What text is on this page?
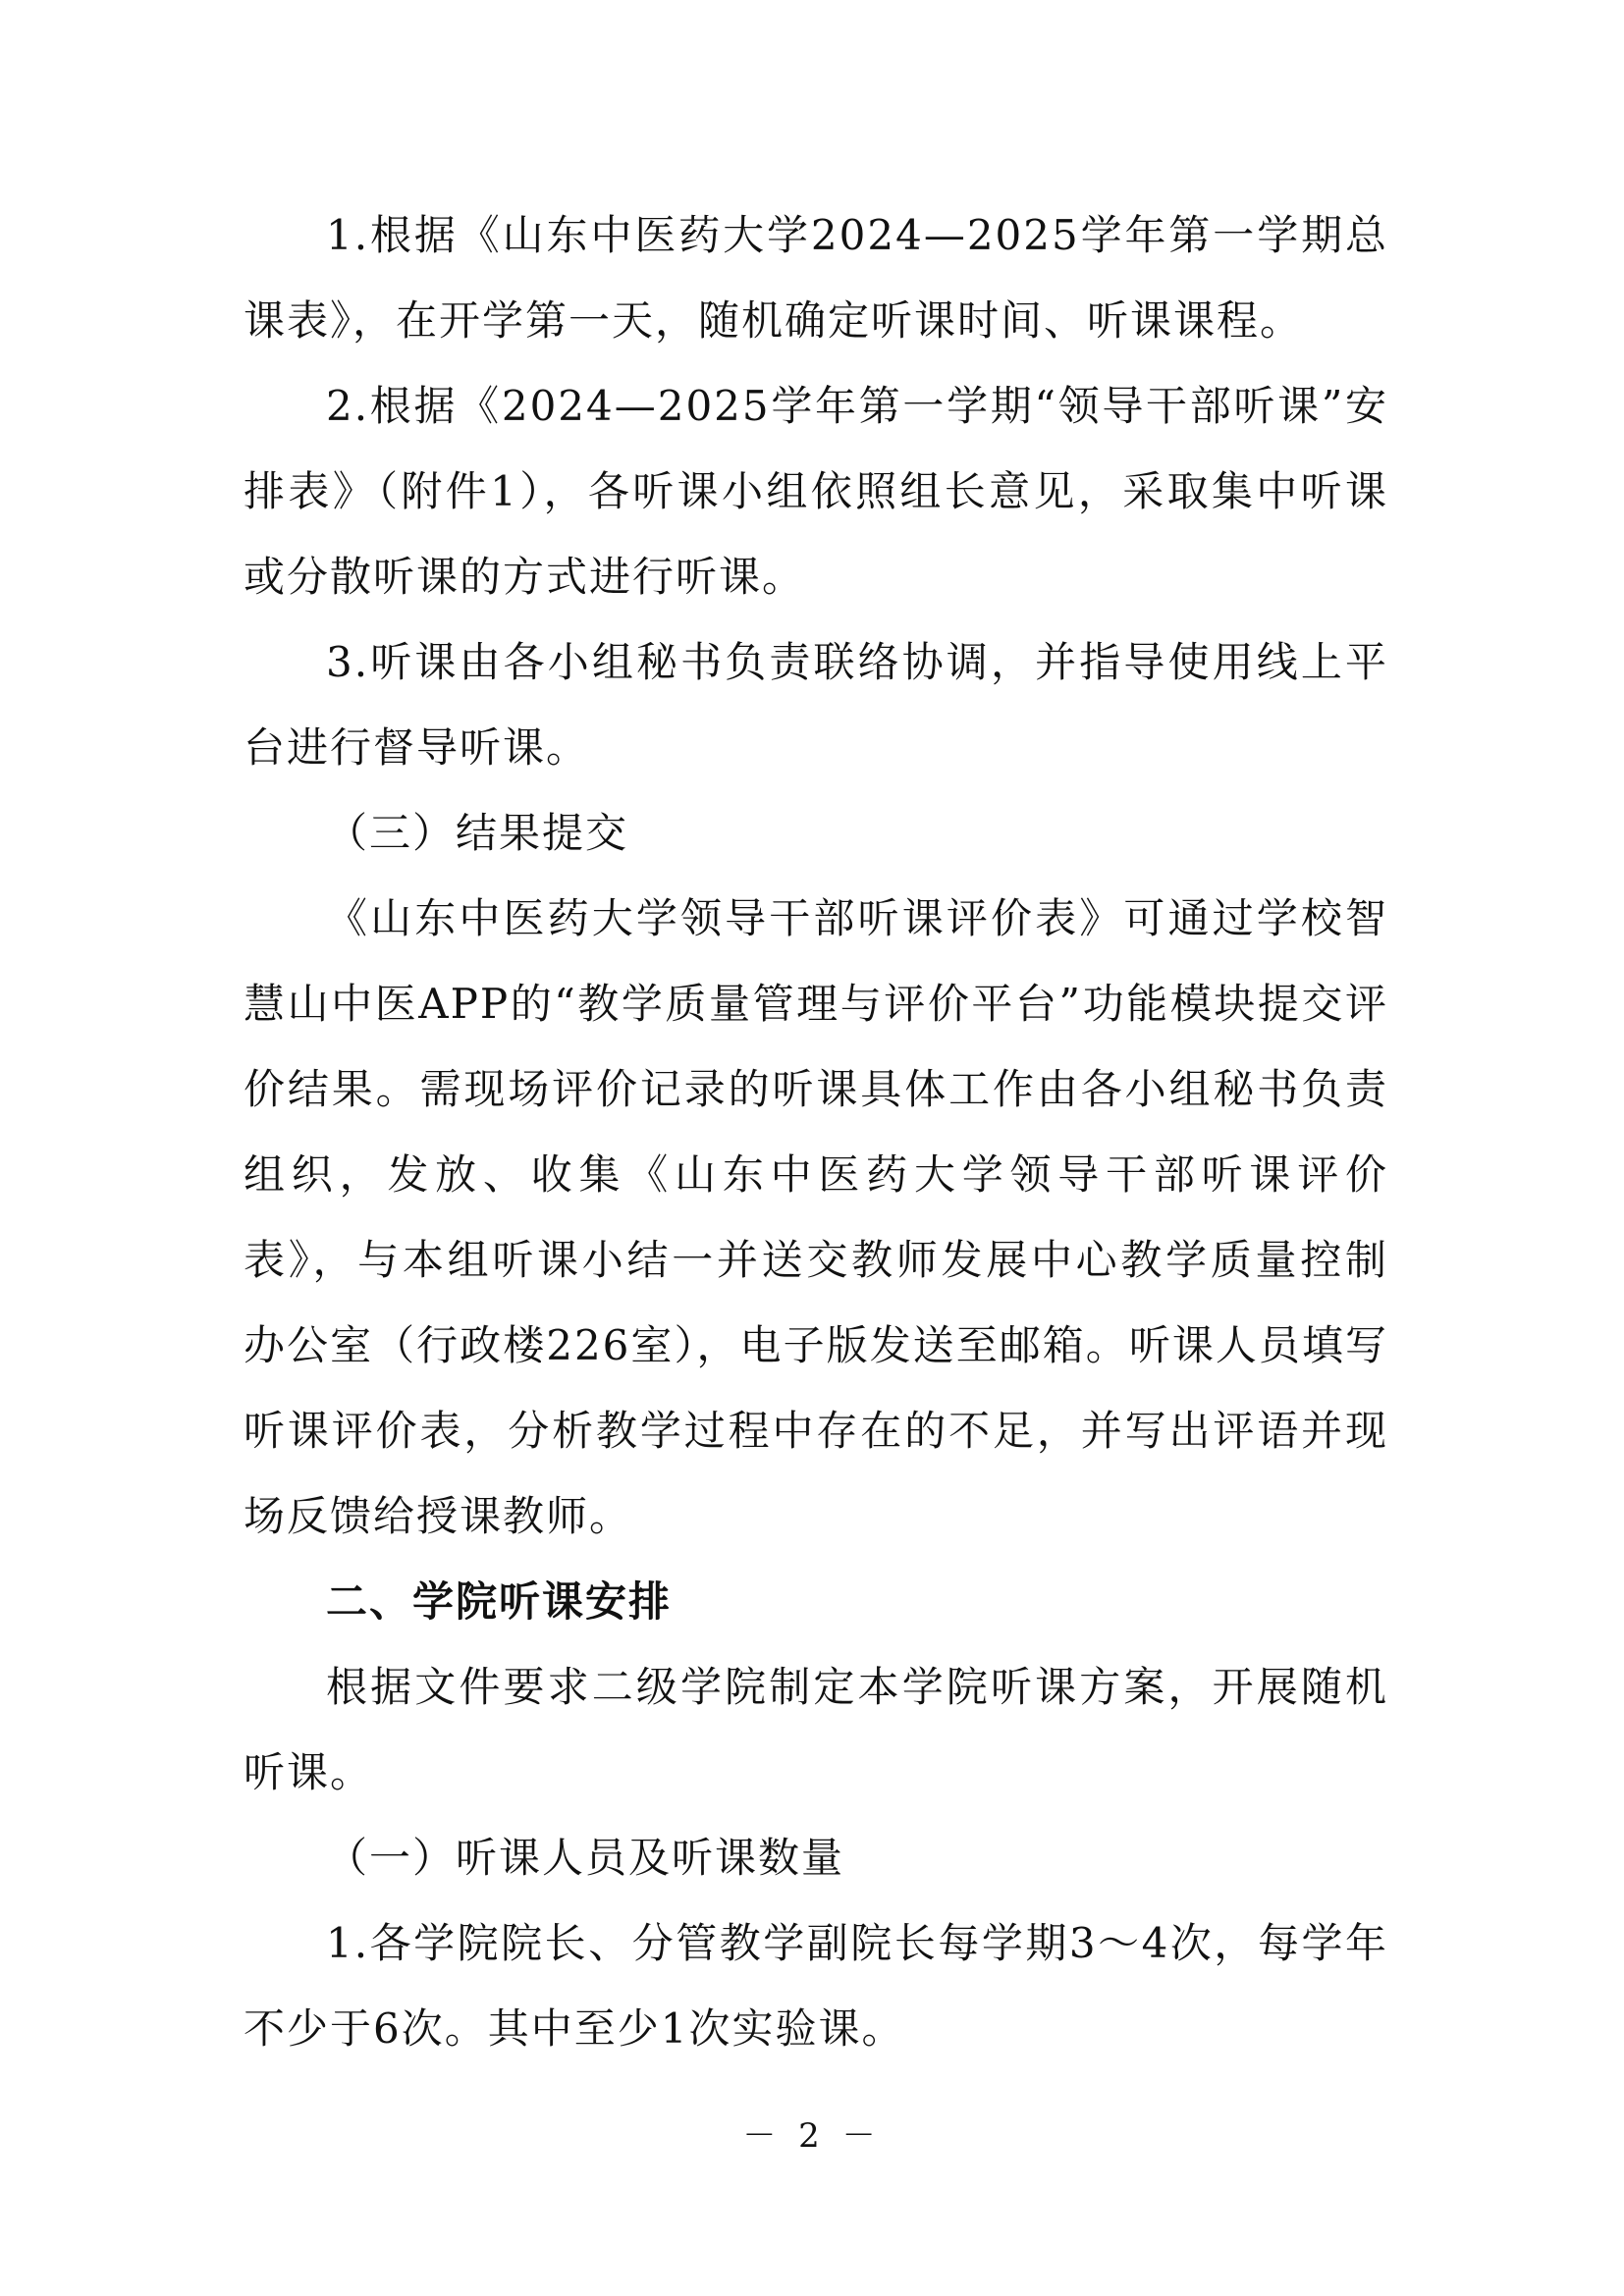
1.根据《山东中医药大学2024—2025学年第一学期总课表》，在开学第一天，随机确定听课时间、听课课程。

2.根据《2024—2025学年第一学期“领导干部听课”安排表》（附件1），各听课小组依照组长意见，采取集中听课或分散听课的方式进行听课。

3.听课由各小组秘书负责联络协调，并指导使用线上平台进行督导听课。

（三）结果提交

《山东中医药大学领导干部听课评价表》可通过学校智慧山中医APP的“教学质量管理与评价平台”功能模块提交评价结果。需现场评价记录的听课具体工作由各小组秘书负责组织，发放、收集《山东中医药大学领导干部听课评价表》，与本组听课小结一并送交教师发展中心教学质量控制办公室（行政楼226室），电子版发送至邮箱。听课人员填写听课评价表，分析教学过程中存在的不足，并写出评语并现场反馈给授课教师。

二、学院听课安排

根据文件要求二级学院制定本学院听课方案，开展随机听课。

（一）听课人员及听课数量

1.各学院院长、分管教学副院长每学期3～4次，每学年不少于6次。其中至少1次实验课。

－ 2 －
